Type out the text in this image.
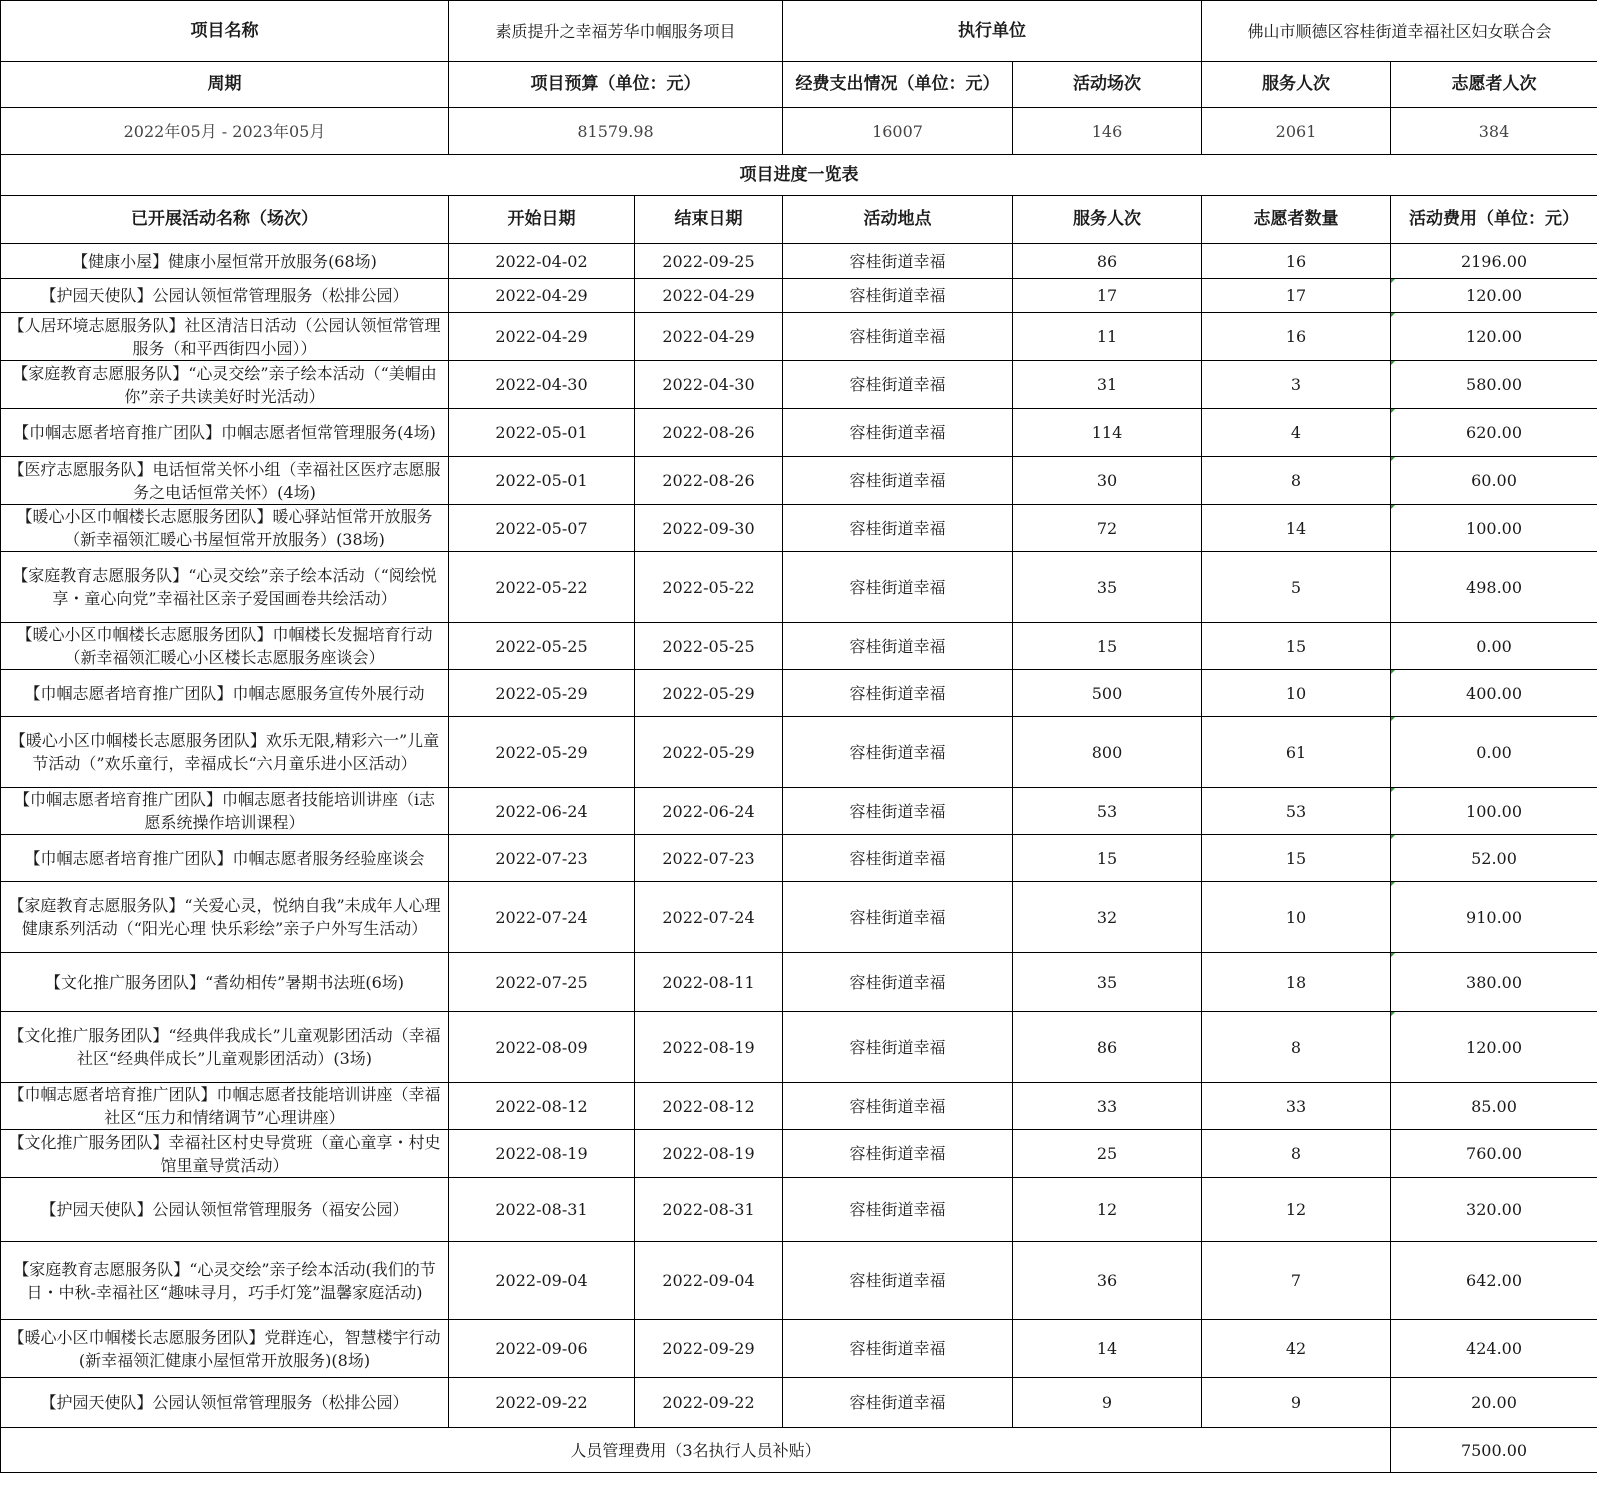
项目名称	素质提升之幸福芳华巾帼服务项目		执行单位		佛山市顺德区容桂街道幸福社区妇女联合会	
周期	项目预算（单位：元）		经费支出情况（单位：元）	活动场次	服务人次	志愿者人次
2022年05月 - 2023年05月	81579.98		16007	146	2061	384
项目进度一览表						
已开展活动名称（场次）	开始日期	结束日期	活动地点	服务人次	志愿者数量	活动费用（单位：元）
【健康小屋】健康小屋恒常开放服务(68场)	2022-04-02	2022-09-25	容桂街道幸福	86	16	2196.00
【护园天使队】公园认领恒常管理服务（松排公园）	2022-04-29	2022-04-29	容桂街道幸福	17	17	120.00
【人居环境志愿服务队】社区清洁日活动（公园认领恒常管理服务（和平西街四小园））	2022-04-29	2022-04-29	容桂街道幸福	11	16	120.00
【家庭教育志愿服务队】“心灵交绘”亲子绘本活动（“美帽由你”亲子共读美好时光活动）	2022-04-30	2022-04-30	容桂街道幸福	31	3	580.00
【巾帼志愿者培育推广团队】巾帼志愿者恒常管理服务(4场)	2022-05-01	2022-08-26	容桂街道幸福	114	4	620.00
【医疗志愿服务队】电话恒常关怀小组（幸福社区医疗志愿服务之电话恒常关怀）(4场)	2022-05-01	2022-08-26	容桂街道幸福	30	8	60.00
【暖心小区巾帼楼长志愿服务团队】暖心驿站恒常开放服务（新幸福领汇暖心书屋恒常开放服务）(38场)	2022-05-07	2022-09-30	容桂街道幸福	72	14	100.00
【家庭教育志愿服务队】“心灵交绘”亲子绘本活动（“阅绘悦享・童心向党”幸福社区亲子爱国画卷共绘活动）	2022-05-22	2022-05-22	容桂街道幸福	35	5	498.00
【暖心小区巾帼楼长志愿服务团队】巾帼楼长发掘培育行动（新幸福领汇暖心小区楼长志愿服务座谈会）	2022-05-25	2022-05-25	容桂街道幸福	15	15	0.00
【巾帼志愿者培育推广团队】巾帼志愿服务宣传外展行动	2022-05-29	2022-05-29	容桂街道幸福	500	10	400.00
【暖心小区巾帼楼长志愿服务团队】欢乐无限,精彩六一”儿童节活动（”欢乐童行，幸福成长“六月童乐进小区活动）	2022-05-29	2022-05-29	容桂街道幸福	800	61	0.00
【巾帼志愿者培育推广团队】巾帼志愿者技能培训讲座（i志愿系统操作培训课程）	2022-06-24	2022-06-24	容桂街道幸福	53	53	100.00
【巾帼志愿者培育推广团队】巾帼志愿者服务经验座谈会	2022-07-23	2022-07-23	容桂街道幸福	15	15	52.00
【家庭教育志愿服务队】“关爱心灵，悦纳自我”未成年人心理健康系列活动（“阳光心理 快乐彩绘”亲子户外写生活动）	2022-07-24	2022-07-24	容桂街道幸福	32	10	910.00
【文化推广服务团队】“耆幼相传”暑期书法班(6场)	2022-07-25	2022-08-11	容桂街道幸福	35	18	380.00
【文化推广服务团队】“经典伴我成长”儿童观影团活动（幸福社区“经典伴成长”儿童观影团活动）(3场)	2022-08-09	2022-08-19	容桂街道幸福	86	8	120.00
【巾帼志愿者培育推广团队】巾帼志愿者技能培训讲座（幸福社区“压力和情绪调节”心理讲座）	2022-08-12	2022-08-12	容桂街道幸福	33	33	85.00
【文化推广服务团队】幸福社区村史导赏班（童心童享・村史馆里童导赏活动）	2022-08-19	2022-08-19	容桂街道幸福	25	8	760.00
【护园天使队】公园认领恒常管理服务（福安公园）	2022-08-31	2022-08-31	容桂街道幸福	12	12	320.00
【家庭教育志愿服务队】“心灵交绘”亲子绘本活动(我们的节日・中秋-幸福社区“趣味寻月，巧手灯笼”温馨家庭活动)	2022-09-04	2022-09-04	容桂街道幸福	36	7	642.00
【暖心小区巾帼楼长志愿服务团队】党群连心，智慧楼宇行动(新幸福领汇健康小屋恒常开放服务)(8场)	2022-09-06	2022-09-29	容桂街道幸福	14	42	424.00
【护园天使队】公园认领恒常管理服务（松排公园）	2022-09-22	2022-09-22	容桂街道幸福	9	9	20.00
人员管理费用（3名执行人员补贴）						7500.00
